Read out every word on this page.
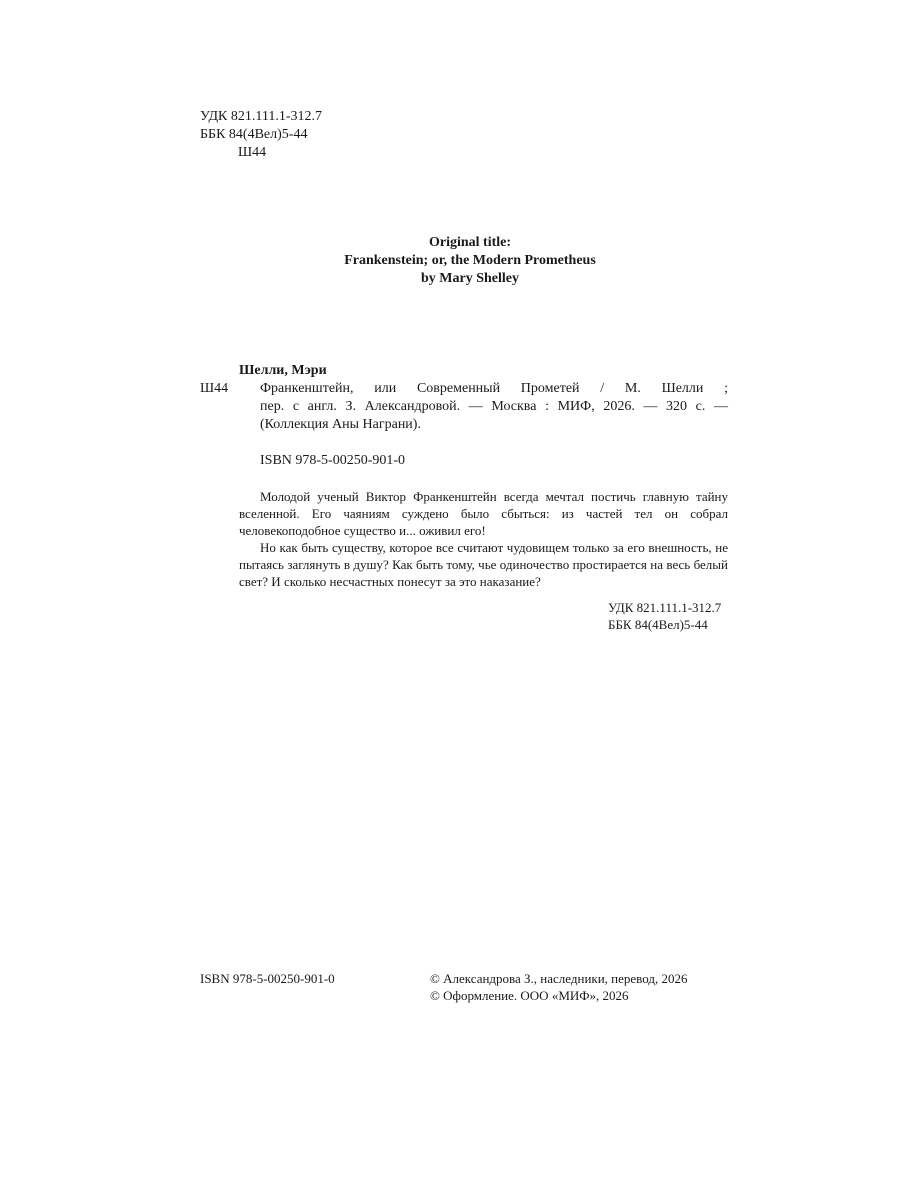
УДК 821.111.1-312.7
ББК 84(4Вел)5-44
Ш44
Original title:
Frankenstein; or, the Modern Prometheus
by Mary Shelley
Шелли, Мэри
Ш44 Франкенштейн, или Современный Прометей / М. Шелли ;
пер. с англ. З. Александровой. — Москва : МИФ, 2026. — 320 с. —
(Коллекция Аны Награни).
ISBN 978-5-00250-901-0

Молодой ученый Виктор Франкенштейн всегда мечтал постичь главную тайну вселенной. Его чаяниям суждено было сбыться: из частей тел он собрал человекоподобное существо и... оживил его!

Но как быть существу, которое все считают чудовищем только за его внешность, не пытаясь заглянуть в душу? Как быть тому, чье одиночество простирается на весь белый свет? И сколько несчастных понесут за это наказание?

УДК 821.111.1-312.7
ББК 84(4Вел)5-44
ISBN 978-5-00250-901-0	© Александрова З., наследники, перевод, 2026
© Оформление. ООО «МИФ», 2026
